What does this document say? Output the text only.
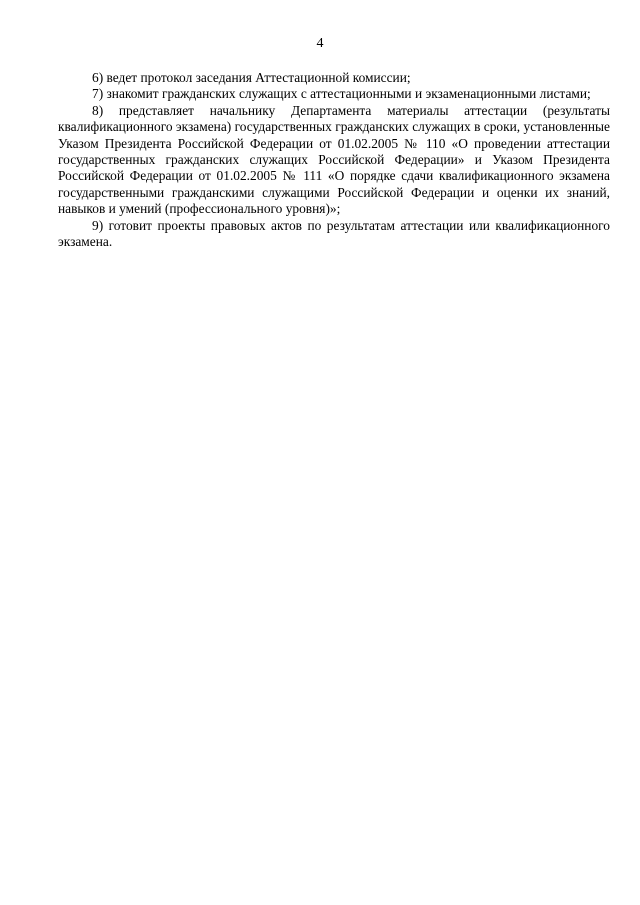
4

6) ведет протокол заседания Аттестационной комиссии;

7) знакомит гражданских служащих с аттестационными и экзаменационными листами;

8) представляет начальнику Департамента материалы аттестации (результаты квалификационного экзамена) государственных гражданских служащих в сроки, установленные Указом Президента Российской Федерации от 01.02.2005 № 110 «О проведении аттестации государственных гражданских служащих Российской Федерации» и Указом Президента Российской Федерации от 01.02.2005 № 111 «О порядке сдачи квалификационного экзамена государственными гражданскими служащими Российской Федерации и оценки их знаний, навыков и умений (профессионального уровня)»;

9) готовит проекты правовых актов по результатам аттестации или квалификационного экзамена.
